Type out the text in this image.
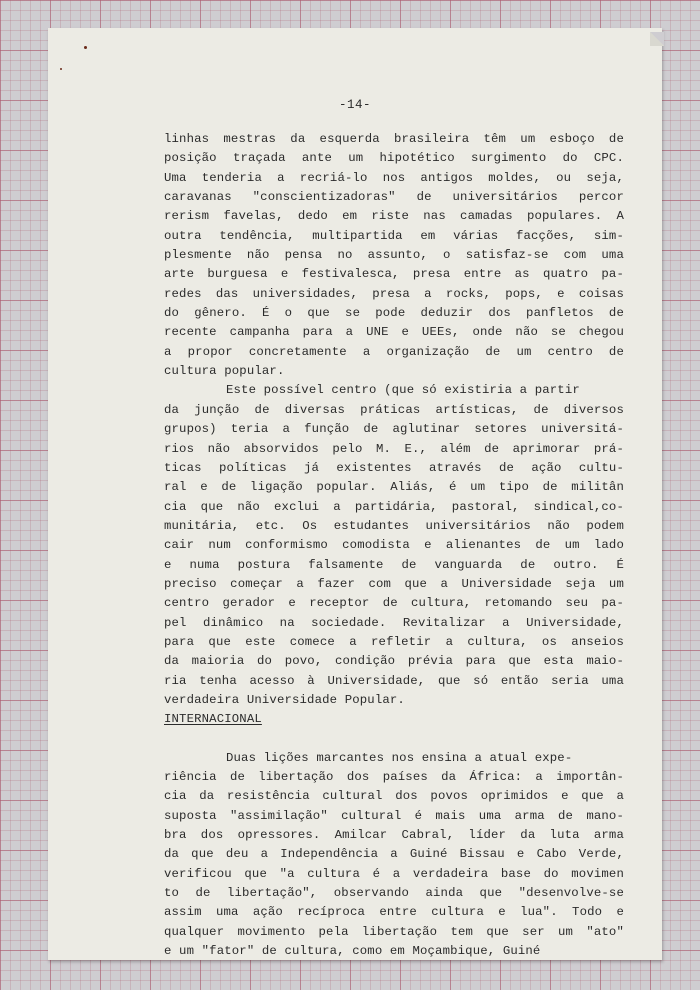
-14-
linhas mestras da esquerda brasileira têm um esboço de
posição traçada ante um hipotético surgimento do CPC.
Uma tenderia a recriá-lo nos antigos moldes, ou seja,
caravanas "conscientizadoras" de universitários percor
rerism favelas, dedo em riste nas camadas populares. A
outra tendência, multipartida em várias facções, sim-
plesmente não pensa no assunto, o satisfaz-se com uma
arte burguesa e festivalesca, presa entre as quatro pa-
redes das universidades, presa a rocks, pops, e coisas
do gênero. É o que se pode deduzir dos panfletos de
recente campanha para a UNE e UEEs, onde não se chegou
a propor concretamente a organização de um centro de
cultura popular.
Este possível centro (que só existiria a partir
da junção de diversas práticas artísticas, de diversos
grupos) teria a função de aglutinar setores universitá-
rios não absorvidos pelo M. E., além de aprimorar prá-
ticas políticas já existentes através de ação cultu-
ral e de ligação popular. Aliás, é um tipo de militân
cia que não exclui a partidária, pastoral, sindical,co-
munitária, etc. Os estudantes universitários não podem
cair num conformismo comodista e alienantes de um lado
e numa postura falsamente de vanguarda de outro. É
preciso começar a fazer com que a Universidade seja um
centro gerador e receptor de cultura, retomando seu pa-
pel dinâmico na sociedade. Revitalizar a Universidade,
para que este comece a refletir a cultura, os anseios
da maioria do povo, condição prévia para que esta maio-
ria tenha acesso à Universidade, que só então seria uma
verdadeira Universidade Popular.
INTERNACIONAL
Duas lições marcantes nos ensina a atual expe-
riência de libertação dos países da África: a importân-
cia da resistência cultural dos povos oprimidos e que a
suposta "assimilação" cultural é mais uma arma de mano-
bra dos opressores. Amilcar Cabral, líder da luta arma
da que deu a Independência a Guiné Bissau e Cabo Verde,
verificou que "a cultura é a verdadeira base do movimen
to de libertação", observando ainda que "desenvolve-se
assim uma ação recíproca entre cultura e lua". Todo e
qualquer movimento pela libertação tem que ser um "ato"
e um "fator" de cultura, como em Moçambique, Guiné
